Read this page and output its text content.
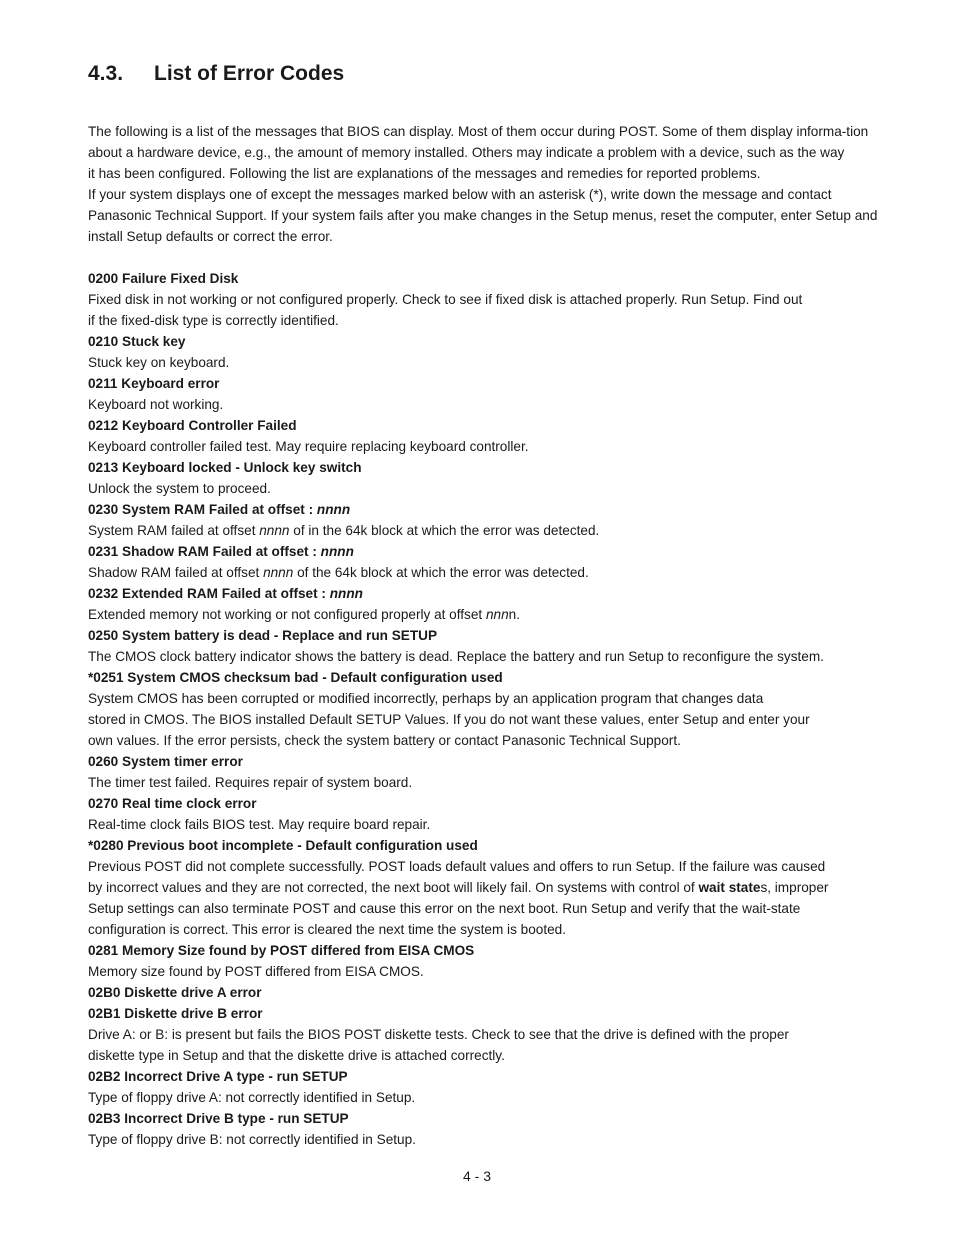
4.3.	List of Error Codes

The following is a list of the messages that BIOS can display. Most of them occur during POST. Some of them display informa-tion

about a hardware device, e.g., the amount of memory installed. Others may indicate a problem with a device, such as the way

it has been configured. Following the list are explanations of the messages and remedies for reported problems.

If your system displays one of except the messages marked below with an asterisk (*), write down the message and contact

Panasonic Technical Support. If your system fails after you make changes in the Setup menus, reset the computer, enter Setup and

install Setup defaults or correct the error.

0200 Failure Fixed Disk

Fixed disk in not working or not configured properly. Check to see if fixed disk is attached properly. Run Setup. Find out
if the fixed-disk type is correctly identified.

0210 Stuck key

Stuck key on keyboard.

0211 Keyboard error

Keyboard not working.

0212 Keyboard Controller Failed

Keyboard controller failed test. May require replacing keyboard controller.

0213 Keyboard locked - Unlock key switch

Unlock the system to proceed.

0230 System RAM Failed at offset : nnnn

System RAM failed at offset nnnn of in the 64k block at which the error was detected.

0231 Shadow RAM Failed at offset : nnnn

Shadow RAM failed at offset nnnn of the 64k block at which the error was detected.

0232 Extended RAM Failed at offset : nnnn

Extended memory not working or not configured properly at offset nnnn.

0250 System battery is dead - Replace and run SETUP

The CMOS clock battery indicator shows the battery is dead. Replace the battery and run Setup to reconfigure the system.

*0251 System CMOS checksum bad - Default configuration used

System CMOS has been corrupted or modified incorrectly, perhaps by an application program that changes data
stored in CMOS. The BIOS installed Default SETUP Values. If you do not want these values, enter Setup and enter your
own values. If the error persists, check the system battery or contact Panasonic Technical Support.

0260 System timer error

The timer test failed. Requires repair of system board.

0270 Real time clock error

Real-time clock fails BIOS test. May require board repair.

*0280 Previous boot incomplete - Default configuration used

Previous POST did not complete successfully. POST loads default values and offers to run Setup. If the failure was caused
by incorrect values and they are not corrected, the next boot will likely fail. On systems with control of wait states, improper
Setup settings can also terminate POST and cause this error on the next boot. Run Setup and verify that the wait-state
configuration is correct. This error is cleared the next time the system is booted.

0281 Memory Size found by POST differed from EISA CMOS

Memory size found by POST differed from EISA CMOS.

02B0 Diskette drive A error

02B1 Diskette drive B error

Drive A: or B: is present but fails the BIOS POST diskette tests. Check to see that the drive is defined with the proper
diskette type in Setup and that the diskette drive is attached correctly.

02B2 Incorrect Drive A type - run SETUP

Type of floppy drive A: not correctly identified in Setup.

02B3 Incorrect Drive B type - run SETUP

Type of floppy drive B: not correctly identified in Setup.

4 - 3
